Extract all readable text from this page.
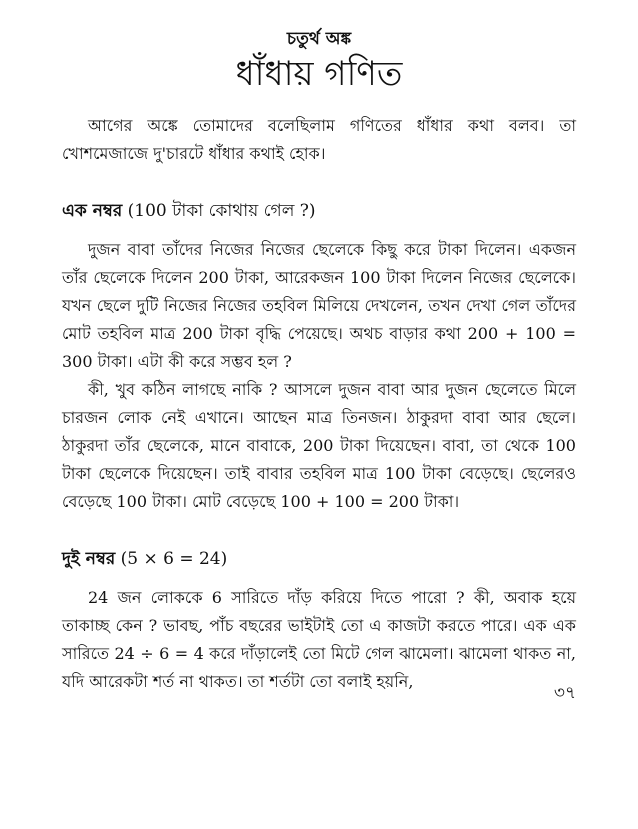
চতুর্থ অঙ্ক
ধাঁধায় গণিত

আগের অঙ্কে তোমাদের বলেছিলাম গণিতের ধাঁধার কথা বলব। তা খোশমেজাজে দু'চারটে ধাঁধার কথাই হোক।

এক নম্বর (100 টাকা কোথায় গেল ?)

দুজন বাবা তাঁদের নিজের নিজের ছেলেকে কিছু করে টাকা দিলেন। একজন তাঁর ছেলেকে দিলেন 200 টাকা, আরেকজন 100 টাকা দিলেন নিজের ছেলেকে। যখন ছেলে দুটি নিজের নিজের তহবিল মিলিয়ে দেখলেন, তখন দেখা গেল তাঁদের মোট তহবিল মাত্র 200 টাকা বৃদ্ধি পেয়েছে। অথচ বাড়ার কথা 200 + 100 = 300 টাকা। এটা কী করে সম্ভব হল ?

কী, খুব কঠিন লাগছে নাকি ? আসলে দুজন বাবা আর দুজন ছেলেতে মিলে চারজন লোক নেই এখানে। আছেন মাত্র তিনজন। ঠাকুরদা বাবা আর ছেলে। ঠাকুরদা তাঁর ছেলেকে, মানে বাবাকে, 200 টাকা দিয়েছেন। বাবা, তা থেকে 100 টাকা ছেলেকে দিয়েছেন। তাই বাবার তহবিল মাত্র 100 টাকা বেড়েছে। ছেলেরও বেড়েছে 100 টাকা। মোট বেড়েছে 100 + 100 = 200 টাকা।

দুই নম্বর (5 × 6 = 24)

24 জন লোককে 6 সারিতে দাঁড় করিয়ে দিতে পারো ? কী, অবাক হয়ে তাকাচ্ছ কেন ? ভাবছ, পাঁচ বছরের ভাইটাই তো এ কাজটা করতে পারে। এক এক সারিতে 24 ÷ 6 = 4 করে দাঁড়ালেই তো মিটে গেল ঝামেলা। ঝামেলা থাকত না, যদি আরেকটা শর্ত না থাকত। তা শর্তটা তো বলাই হয়নি,

৩৭
